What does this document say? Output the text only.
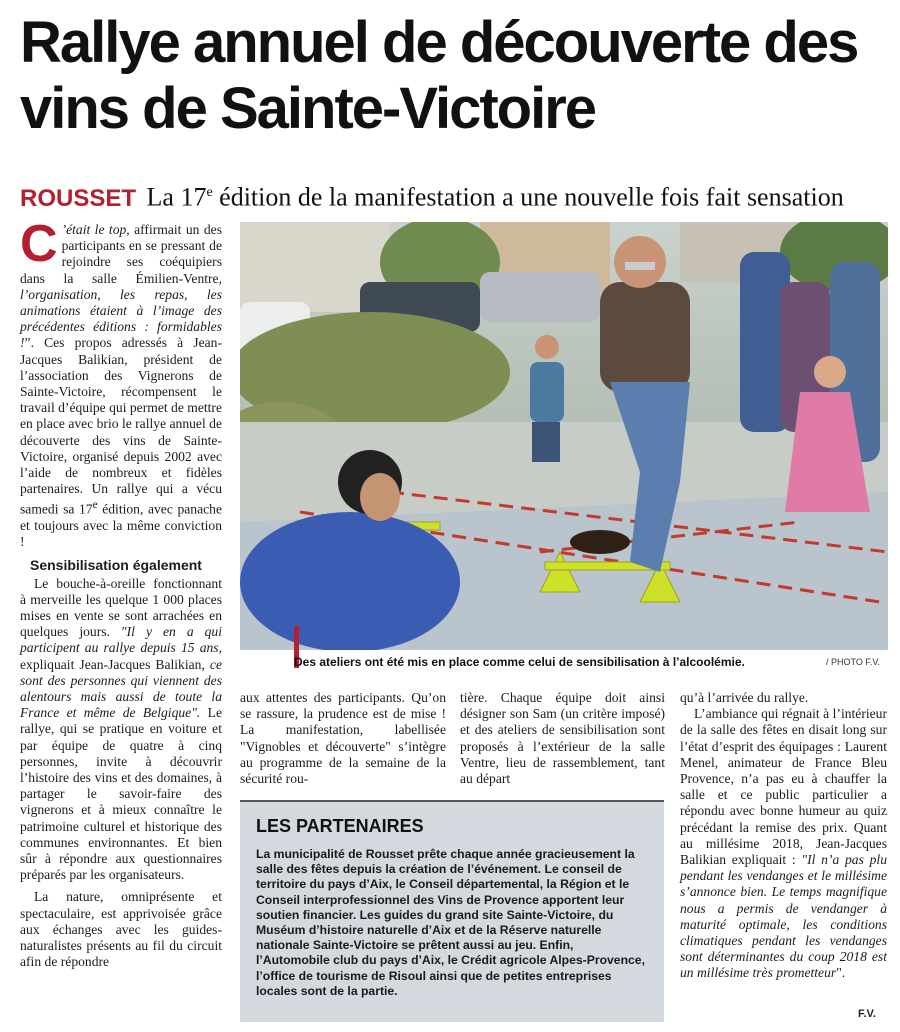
Rallye annuel de découverte des vins de Sainte-Victoire
ROUSSET La 17e édition de la manifestation a une nouvelle fois fait sensation

C ’était le top, affirmait un des participants en se pressant de rejoindre ses coéquipiers dans la salle Émilien-Ventre, l’organisation, les repas, les animations étaient à l’image des précédentes éditions : formidables !”. Ces propos adressés à Jean-Jacques Balikian, président de l’association des Vignerons de Sainte-Victoire, récompensent le travail d’équipe qui permet de mettre en place avec brio le rallye annuel de découverte des vins de Sainte-Victoire, organisé depuis 2002 avec l’aide de nombreux et fidèles partenaires. Un rallye qui a vécu samedi sa 17e édition, avec panache et toujours avec la même conviction !

Sensibilisation également

Le bouche-à-oreille fonctionnant à merveille les quelque 1 000 places mises en vente se sont arrachées en quelques jours. "Il y en a qui participent au rallye depuis 15 ans, expliquait Jean-Jacques Balikian, ce sont des personnes qui viennent des alentours mais aussi de toute la France et même de Belgique". Le rallye, qui se pratique en voiture et par équipe de quatre à cinq personnes, invite à découvrir l’histoire des vins et des domaines, à partager le savoir-faire des vignerons et à mieux connaître le patrimoine culturel et historique des communes environnantes. Et bien sûr à répondre aux questionnaires préparés par les organisateurs.

La nature, omniprésente et spectaculaire, est apprivoisée grâce aux échanges avec les guides-naturalistes présents au fil du circuit afin de répondre

Des ateliers ont été mis en place comme celui de sensibilisation à l’alcoolémie.	/ PHOTO F.V.

aux attentes des participants. Qu’on se rassure, la prudence est de mise ! La manifestation, labellisée "Vignobles et découverte" s’intègre au programme de la semaine de la sécurité rou-

tière. Chaque équipe doit ainsi désigner son Sam (un critère imposé) et des ateliers de sensibilisation sont proposés à l’extérieur de la salle Ventre, lieu de rassemblement, tant au départ

qu’à l’arrivée du rallye.

L’ambiance qui régnait à l’intérieur de la salle des fêtes en disait long sur l’état d’esprit des équipages : Laurent Menel, animateur de France Bleu Provence, n’a pas eu à chauffer la salle et ce public particulier a répondu avec bonne humeur au quiz précédant la remise des prix. Quant au millésime 2018, Jean-Jacques Balikian expliquait : "Il n’a pas plu pendant les vendanges et le millésime s’annonce bien. Le temps magnifique nous a permis de vendanger à maturité optimale, les conditions climatiques pendant les vendanges sont déterminantes du coup 2018 est un millésime très prometteur".

F.V.
LES PARTENAIRES

La municipalité de Rousset prête chaque année gracieusement la salle des fêtes depuis la création de l’événement. Le conseil de territoire du pays d’Aix, le Conseil départemental, la Région et le Conseil interprofessionnel des Vins de Provence apportent leur soutien financier. Les guides du grand site Sainte-Victoire, du Muséum d’histoire naturelle d’Aix et de la Réserve naturelle nationale Sainte-Victoire se prêtent aussi au jeu. Enfin, l’Automobile club du pays d’Aix, le Crédit agricole Alpes-Provence, l’office de tourisme de Risoul ainsi que de petites entreprises locales sont de la partie.
